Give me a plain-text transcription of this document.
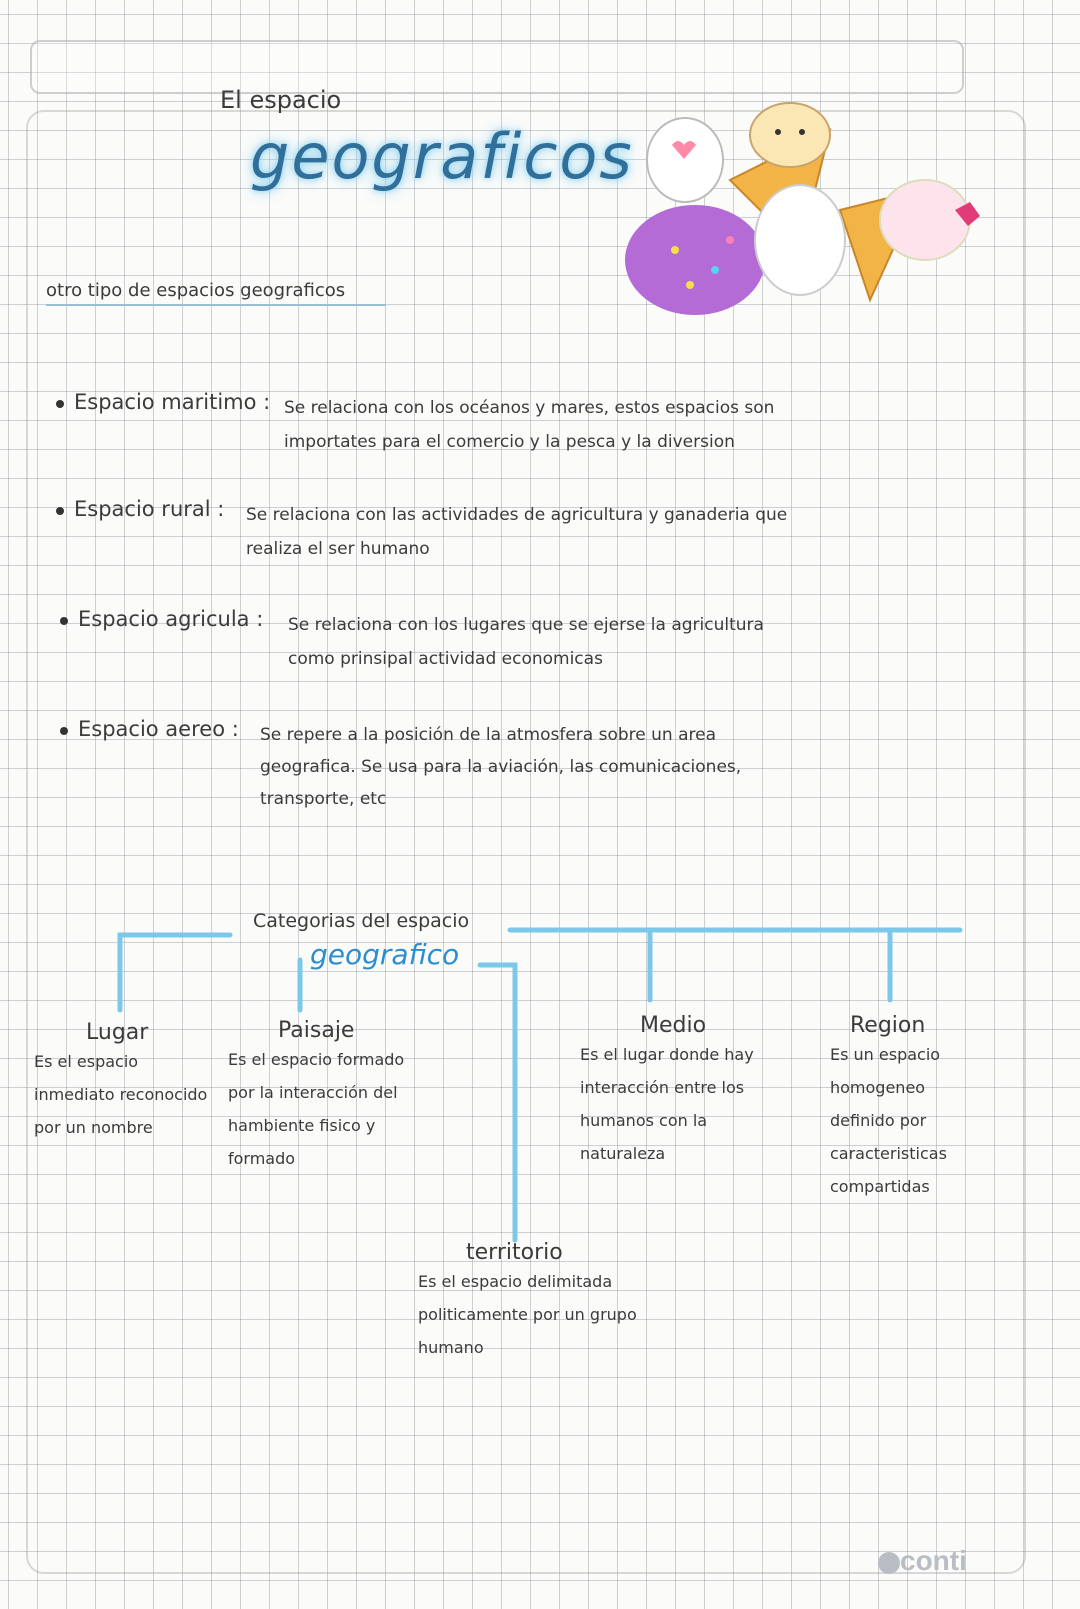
El espacio
geograficos
otro tipo de espacios geograficos
Espacio maritimo : Se relaciona con los océanos y mares, estos espacios son
importates para el comercio y la pesca y la diversion
Espacio rural : Se relaciona con las actividades de agricultura y ganaderia que
realiza el ser humano
Espacio agricula : Se relaciona con los lugares que se ejerse la agricultura
como prinsipal actividad economicas
Espacio aereo : Se repere a la posición de la atmosfera sobre un area
geografica. Se usa para la aviación, las comunicaciones,
transporte, etc
Categorias del espacio
geografico
Lugar
Es el espacio
inmediato reconocido
por un nombre
Paisaje
Es el espacio formado
por la interacción del
hambiente fisico y
formado
Medio
Es el lugar donde hay
interacción entre los
humanos con la
naturaleza
Region
Es un espacio
homogeneo
definido por
caracteristicas
compartidas
territorio
Es el espacio delimitada
politicamente por un grupo
humano
conti
